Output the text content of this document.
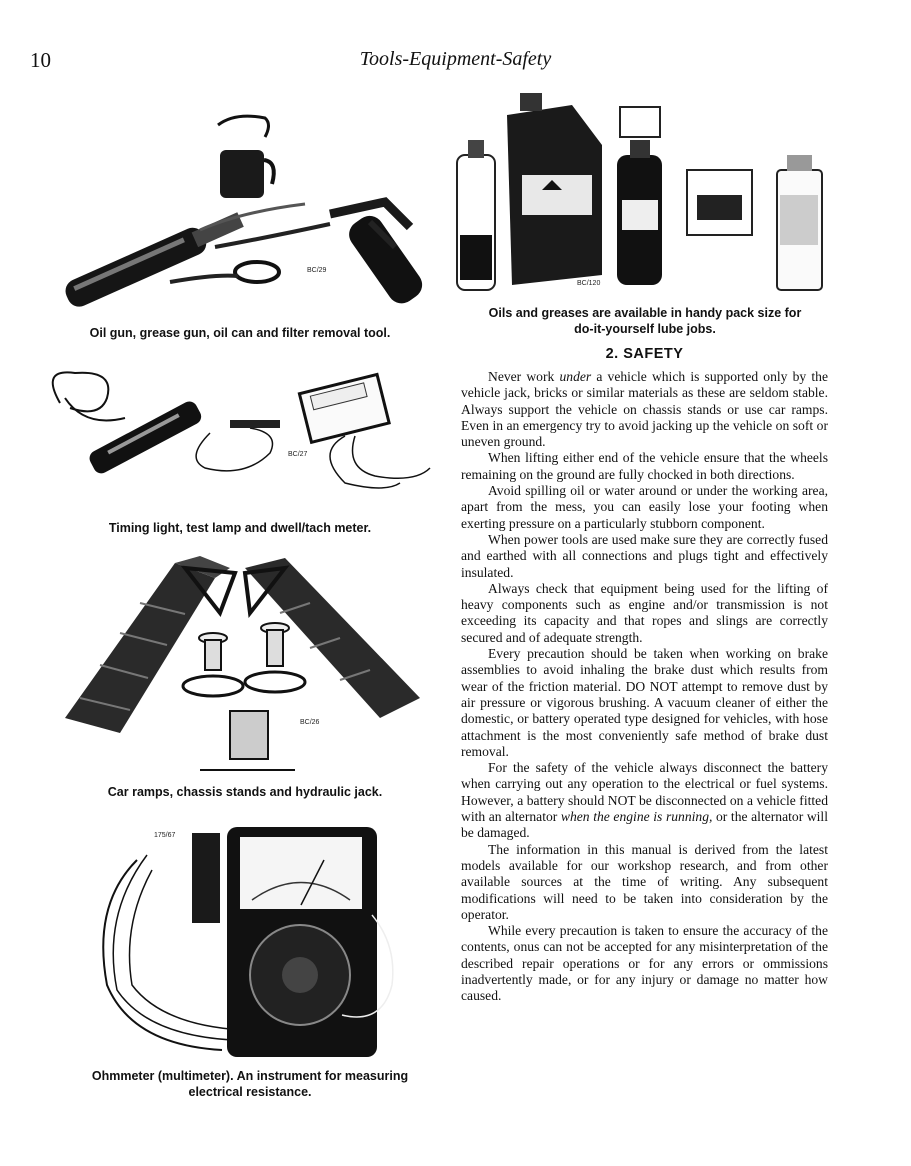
10	Tools-Equipment-Safety
BC/29
Oil gun, grease gun, oil can and filter removal tool.
BC/27
Timing light, test lamp and dwell/tach meter.
BC/26
Car ramps, chassis stands and hydraulic jack.
175/67
Ohmmeter (multimeter). An instrument for measuring
electrical resistance.
BC/120
Oils and greases are available in handy pack size for
do-it-yourself lube jobs.
2. SAFETY

Never work under a vehicle which is supported only by the vehicle jack, bricks or similar materials as these are seldom stable. Always support the vehicle on chassis stands or use car ramps. Even in an emergency try to avoid jacking up the vehicle on soft or uneven ground.

When lifting either end of the vehicle ensure that the wheels remaining on the ground are fully chocked in both directions.

Avoid spilling oil or water around or under the working area, apart from the mess, you can easily lose your footing when exerting pressure on a particularly stubborn component.

When power tools are used make sure they are correctly fused and earthed with all connections and plugs tight and effectively insulated.

Always check that equipment being used for the lifting of heavy components such as engine and/or transmission is not exceeding its capacity and that ropes and slings are correctly secured and of adequate strength.

Every precaution should be taken when working on brake assemblies to avoid inhaling the brake dust which results from wear of the friction material. DO NOT attempt to remove dust by air pressure or vigorous brushing. A vacuum cleaner of either the domestic, or battery operated type designed for vehicles, with hose attachment is the most conveniently safe method of brake dust removal.

For the safety of the vehicle always disconnect the battery when carrying out any operation to the electrical or fuel systems. However, a battery should NOT be disconnected on a vehicle fitted with an alternator when the engine is running, or the alternator will be damaged.

The information in this manual is derived from the latest models available for our workshop research, and from other available sources at the time of writing. Any subsequent modifications will need to be taken into consideration by the operator.

While every precaution is taken to ensure the accuracy of the contents, onus can not be accepted for any misinterpretation of the described repair operations or for any errors or ommissions inadvertently made, or for any injury or damage no matter how caused.
